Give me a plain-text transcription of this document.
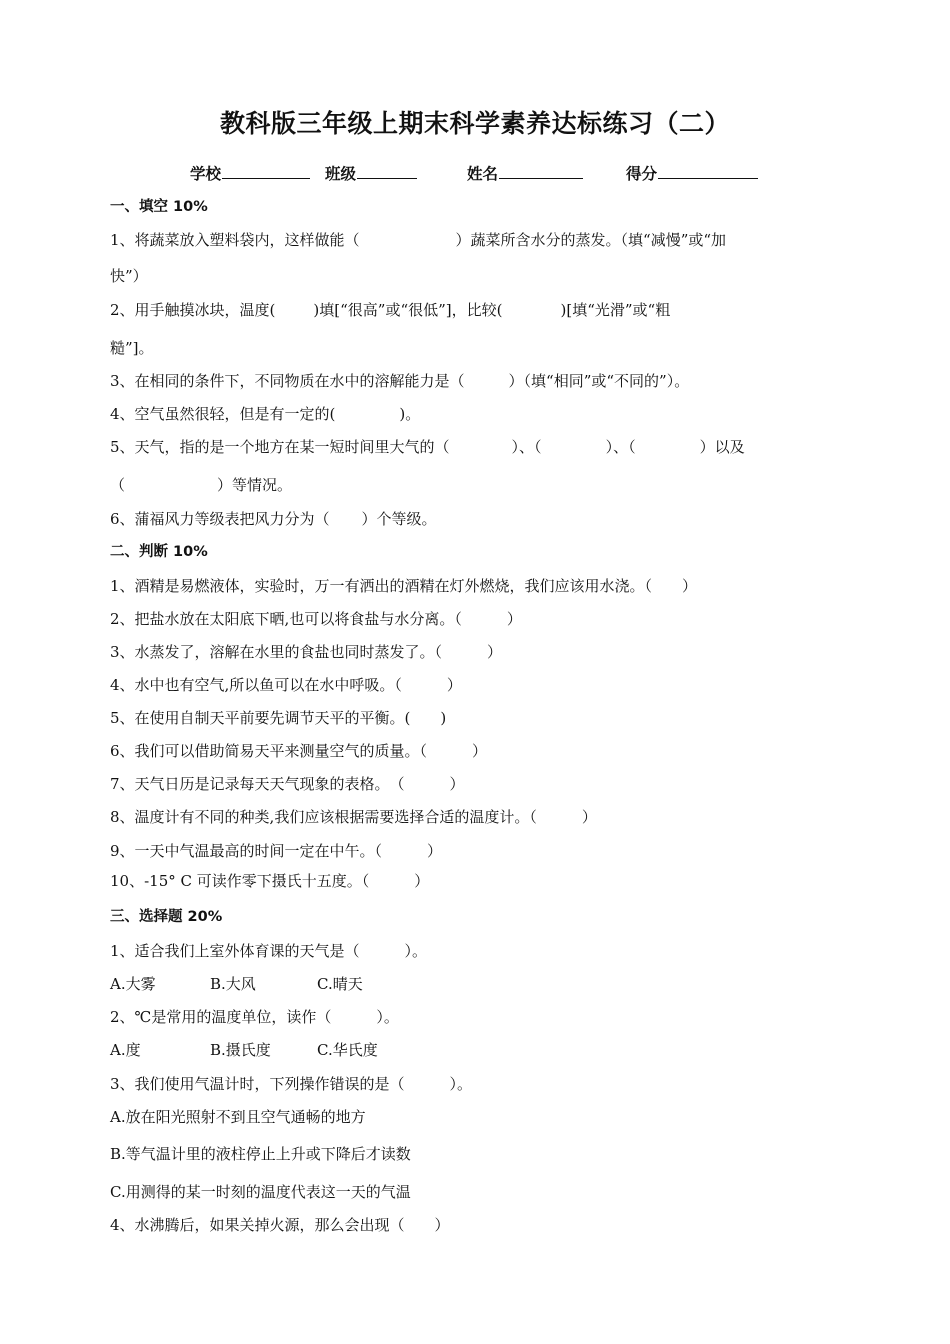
教科版三年级上期末科学素养达标练习（二）
学校	班级	姓名	得分
一、填空 10%
1、将蔬菜放入塑料袋内，这样做能（	）蔬菜所含水分的蒸发。（填“减慢”或“加
快”）
2、用手触摸冰块，温度(	)填[“很高”或“很低”]，比较(	)[填“光滑”或“粗
糙”]。
3、在相同的条件下，不同物质在水中的溶解能力是（	）（填“相同”或“不同的”）。
4、空气虽然很轻，但是有一定的(	)。
5、天气，指的是一个地方在某一短时间里大气的（	）、（	）、（	）以及
（	）等情况。
6、蒲福风力等级表把风力分为（ ）个等级。
二、判断 10%
1、酒精是易燃液体，实验时，万一有洒出的酒精在灯外燃烧，我们应该用水浇。（　　）
2、把盐水放在太阳底下晒,也可以将食盐与水分离。（　　　）
3、水蒸发了，溶解在水里的食盐也同时蒸发了。（　　　）
4、水中也有空气,所以鱼可以在水中呼吸。（　　　）
5、在使用自制天平前要先调节天平的平衡。(　　)
6、我们可以借助简易天平来测量空气的质量。（　　　）
7、天气日历是记录每天天气现象的表格。　（　　　）
8、温度计有不同的种类,我们应该根据需要选择合适的温度计。（　　　）
9、一天中气温最高的时间一定在中午。（　　　）
10、-15° C 可读作零下摄氏十五度。（　　　）
三、选择题 20%
1、适合我们上室外体育课的天气是（　　　）。
A.大雾	B.大风	C.晴天
2、℃是常用的温度单位，读作（　　　）。
A.度	B.摄氏度	C.华氏度
3、我们使用气温计时，下列操作错误的是（　　　）。
A.放在阳光照射不到且空气通畅的地方
B.等气温计里的液柱停止上升或下降后才读数
C.用测得的某一时刻的温度代表这一天的气温
4、水沸腾后，如果关掉火源，那么会出现（　　）
